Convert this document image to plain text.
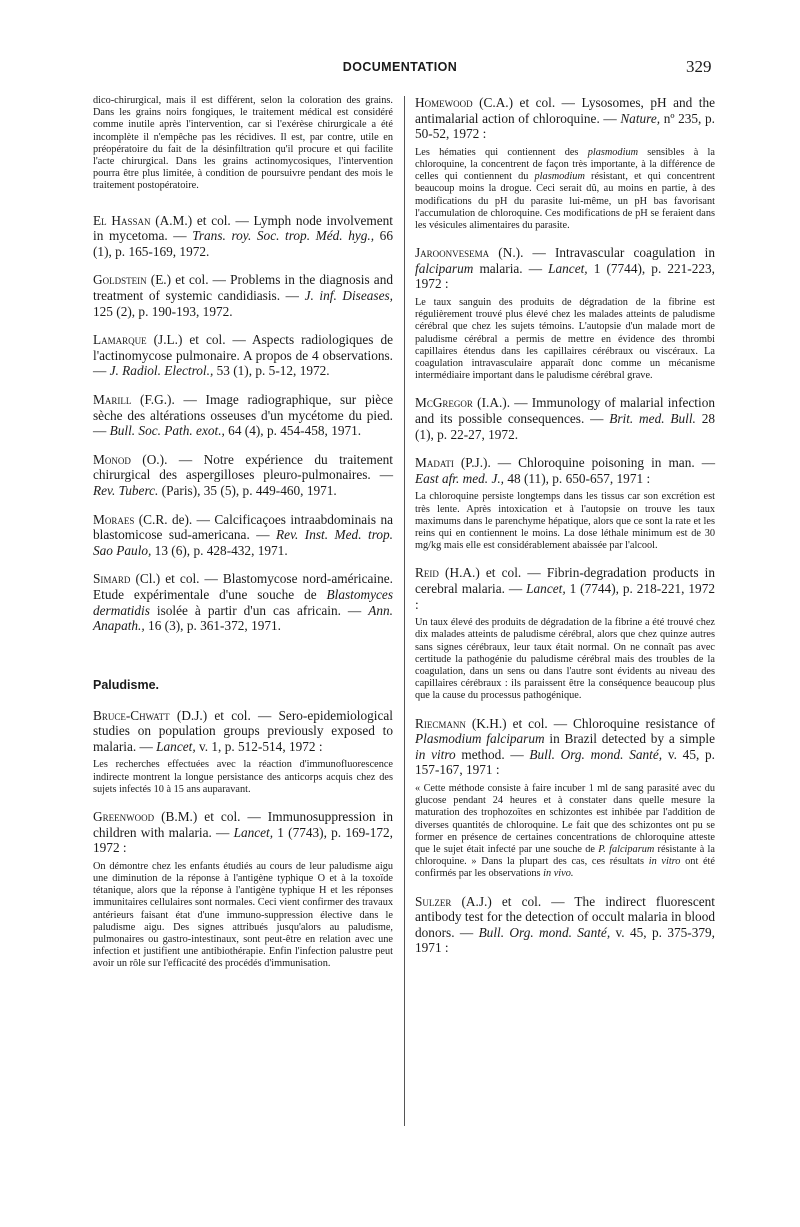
DOCUMENTATION	329

dico-chirurgical, mais il est différent, selon la coloration des grains. Dans les grains noirs fongiques, le traitement médical est considéré comme inutile après l'intervention, car si l'exérèse chirurgicale a été incomplète il n'empêche pas les récidives. Il est, par contre, utile en préopératoire du fait de la désinfiltration qu'il procure et qui facilite l'acte chirurgical. Dans les grains actinomycosiques, l'intervention pourra être plus limitée, à condition de poursuivre pendant des mois le traitement postopératoire.

El Hassan (A.M.) et col. — Lymph node involvement in mycetoma. — Trans. roy. Soc. trop. Méd. hyg., 66 (1), p. 165-169, 1972.

Goldstein (E.) et col. — Problems in the diagnosis and treatment of systemic candidiasis. — J. inf. Diseases, 125 (2), p. 190-193, 1972.

Lamarque (J.L.) et col. — Aspects radiologiques de l'actinomycose pulmonaire. A propos de 4 observations. — J. Radiol. Electrol., 53 (1), p. 5-12, 1972.

Marill (F.G.). — Image radiographique, sur pièce sèche des altérations osseuses d'un mycétome du pied. — Bull. Soc. Path. exot., 64 (4), p. 454-458, 1971.

Monod (O.). — Notre expérience du traitement chirurgical des aspergilloses pleuro-pulmonaires. — Rev. Tuberc. (Paris), 35 (5), p. 449-460, 1971.

Moraes (C.R. de). — Calcificaçoes intraabdominais na blastomicose sud-americana. — Rev. Inst. Med. trop. Sao Paulo, 13 (6), p. 428-432, 1971.

Simard (Cl.) et col. — Blastomycose nord-américaine. Etude expérimentale d'une souche de Blastomyces dermatidis isolée à partir d'un cas africain. — Ann. Anapath., 16 (3), p. 361-372, 1971.

Paludisme.

Bruce-Chwatt (D.J.) et col. — Sero-epidemiological studies on population groups previously exposed to malaria. — Lancet, v. 1, p. 512-514, 1972 :

Les recherches effectuées avec la réaction d'immunofluorescence indirecte montrent la longue persistance des anticorps acquis chez des sujets infectés 10 à 15 ans auparavant.

Greenwood (B.M.) et col. — Immunosuppression in children with malaria. — Lancet, 1 (7743), p. 169-172, 1972 :

On démontre chez les enfants étudiés au cours de leur paludisme aigu une diminution de la réponse à l'antigène typhique O et à la toxoïde tétanique, alors que la réponse à l'antigène typhique H et les réponses immunitaires cellulaires sont normales. Ceci vient confirmer des travaux antérieurs faisant état d'une immuno-suppression élective dans le paludisme aigu. Des signes attribués jusqu'alors au paludisme, pulmonaires ou gastro-intestinaux, sont peut-être en relation avec une infection et justifient une antibiothérapie. Enfin l'infection palustre peut avoir un rôle sur l'efficacité des procédés d'immunisation.

Homewood (C.A.) et col. — Lysosomes, pH and the antimalarial action of chloroquine. — Nature, nº 235, p. 50-52, 1972 :

Les hématies qui contiennent des plasmodium sensibles à la chloroquine, la concentrent de façon très importante, à la différence de celles qui contiennent du plasmodium résistant, et qui concentrent beaucoup moins la drogue. Ceci serait dû, au moins en partie, à des modifications du pH du parasite lui-même, un pH bas favorisant l'accumulation de chloroquine. Ces modifications de pH se feraient dans les vésicules alimentaires du parasite.

Jaroonvesema (N.). — Intravascular coagulation in falciparum malaria. — Lancet, 1 (7744), p. 221-223, 1972 :

Le taux sanguin des produits de dégradation de la fibrine est régulièrement trouvé plus élevé chez les malades atteints de paludisme cérébral que chez les sujets témoins. L'autopsie d'un malade mort de paludisme cérébral a permis de mettre en évidence des thrombi capillaires étendus dans les capillaires cérébraux ou viscéraux. La coagulation intravasculaire apparaît donc comme un mécanisme intermédiaire important dans le paludisme cérébral grave.

McGregor (I.A.). — Immunology of malarial infection and its possible consequences. — Brit. med. Bull. 28 (1), p. 22-27, 1972.

Madati (P.J.). — Chloroquine poisoning in man. — East afr. med. J., 48 (11), p. 650-657, 1971 :

La chloroquine persiste longtemps dans les tissus car son excrétion est très lente. Après intoxication et à l'autopsie on trouve les taux maximums dans le parenchyme hépatique, alors que ce sont la rate et les reins qui en contiennent le moins. La dose léthale minimum est de 30 mg/kg mais elle est considérablement abaissée par l'alcool.

Reid (H.A.) et col. — Fibrin-degradation products in cerebral malaria. — Lancet, 1 (7744), p. 218-221, 1972 :

Un taux élevé des produits de dégradation de la fibrine a été trouvé chez dix malades atteints de paludisme cérébral, alors que chez quinze autres sans signes cérébraux, leur taux était normal. On ne connaît pas avec certitude la pathogénie du paludisme cérébral mais des troubles de la coagulation, dans un sens ou dans l'autre sont évidents au niveau des capillaires cérébraux : ils paraissent être la conséquence beaucoup plus que la cause du processus pathogénique.

Riecmann (K.H.) et col. — Chloroquine resistance of Plasmodium falciparum in Brazil detected by a simple in vitro method. — Bull. Org. mond. Santé, v. 45, p. 157-167, 1971 :

« Cette méthode consiste à faire incuber 1 ml de sang parasité avec du glucose pendant 24 heures et à constater dans quelle mesure la maturation des trophozoïtes en schizontes est inhibée par l'addition de diverses quantités de chloroquine. Le fait que des schizontes ont pu se former en présence de certaines concentrations de chloroquine atteste que le sujet était infecté par une souche de P. falciparum résistante à la chloroquine. » Dans la plupart des cas, ces résultats in vitro ont été confirmés par les observations in vivo.

Sulzer (A.J.) et col. — The indirect fluorescent antibody test for the detection of occult malaria in blood donors. — Bull. Org. mond. Santé, v. 45, p. 375-379, 1971 :
